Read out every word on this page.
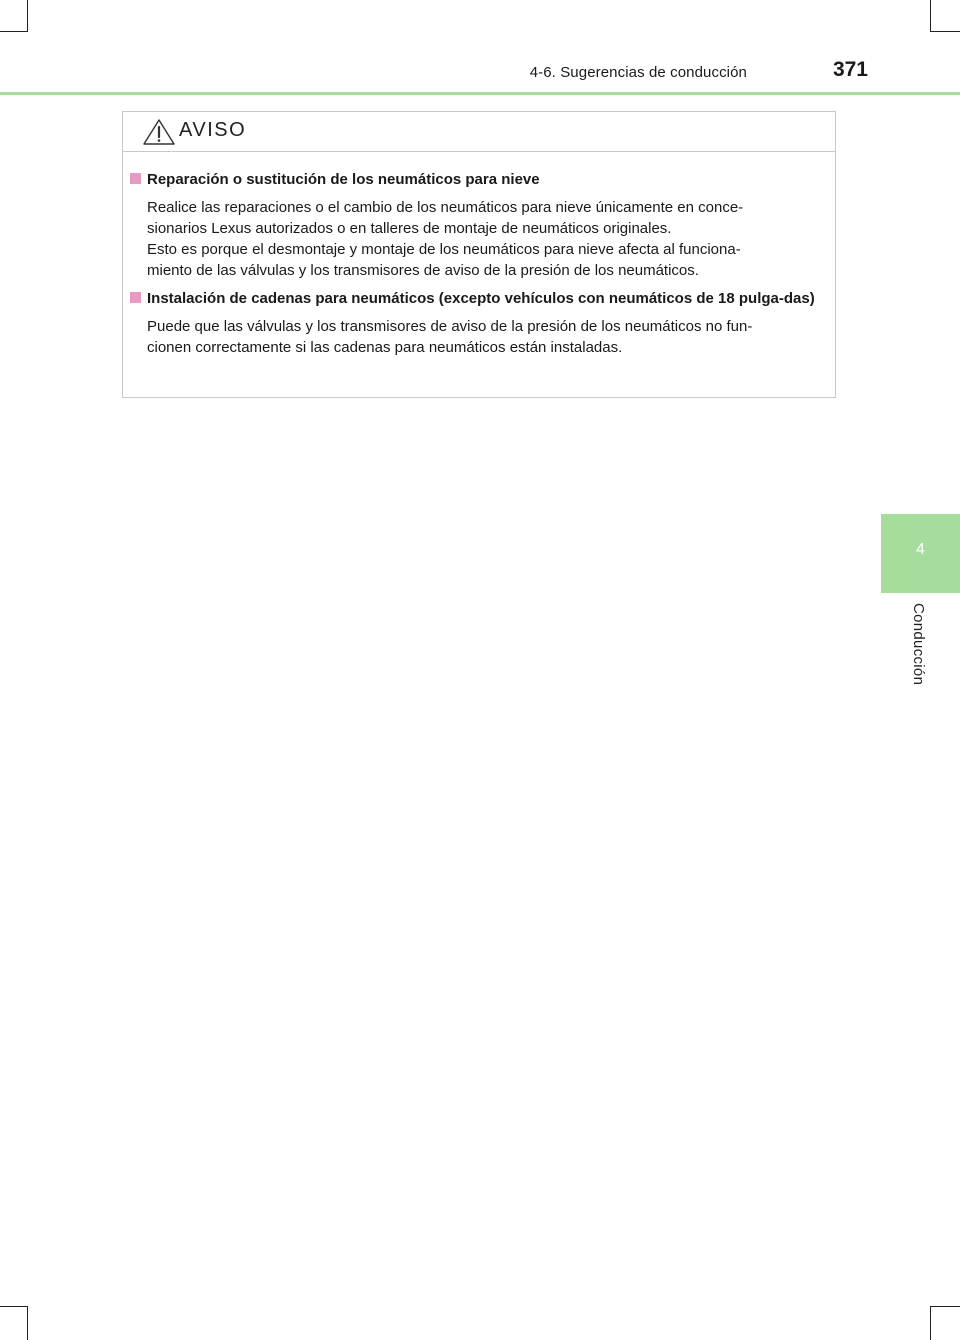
4-6. Sugerencias de conducción	371
4
Conducción
AVISO
Reparación o sustitución de los neumáticos para nieve
Realice las reparaciones o el cambio de los neumáticos para nieve únicamente en conce-
sionarios Lexus autorizados o en talleres de montaje de neumáticos originales.
Esto es porque el desmontaje y montaje de los neumáticos para nieve afecta al funciona-
miento de las válvulas y los transmisores de aviso de la presión de los neumáticos.
Instalación de cadenas para neumáticos (excepto vehículos con neumáticos de 18 pulga-das)
Puede que las válvulas y los transmisores de aviso de la presión de los neumáticos no fun-
cionen correctamente si las cadenas para neumáticos están instaladas.
